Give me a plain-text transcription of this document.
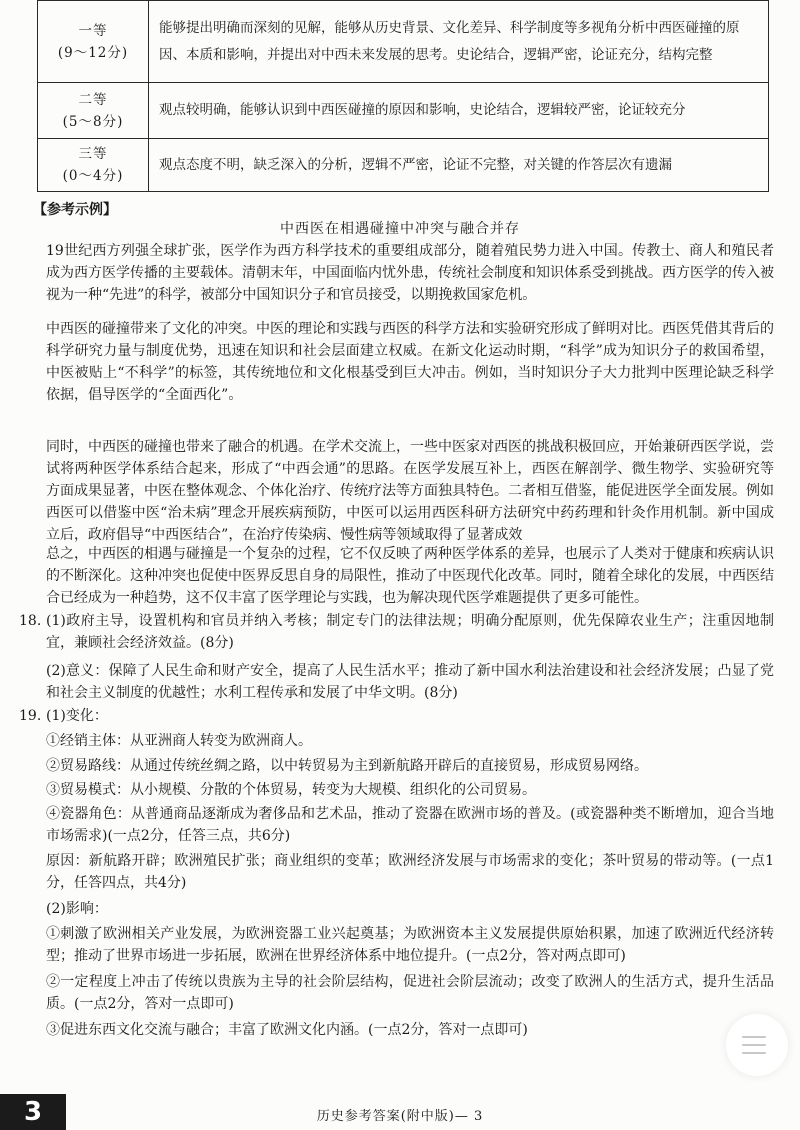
一等
(9～12分)	能够提出明确而深刻的见解，能够从历史背景、文化差异、科学制度等多视角分析中西医碰撞的原因、本质和影响，并提出对中西未来发展的思考。史论结合，逻辑严密，论证充分，结构完整

二等
(5～8分)	观点较明确，能够认识到中西医碰撞的原因和影响，史论结合，逻辑较严密，论证较充分

三等
(0～4分)	观点态度不明，缺乏深入的分析，逻辑不严密，论证不完整，对关键的作答层次有遗漏
【参考示例】
中西医在相遇碰撞中冲突与融合并存
19世纪西方列强全球扩张，医学作为西方科学技术的重要组成部分，随着殖民势力进入中国。传教士、商人和殖民者成为西方医学传播的主要载体。清朝末年，中国面临内忧外患，传统社会制度和知识体系受到挑战。西方医学的传入被视为一种“先进”的科学，被部分中国知识分子和官员接受，以期挽救国家危机。
中西医的碰撞带来了文化的冲突。中医的理论和实践与西医的科学方法和实验研究形成了鲜明对比。西医凭借其背后的科学研究力量与制度优势，迅速在知识和社会层面建立权威。在新文化运动时期，“科学”成为知识分子的救国希望，中医被贴上“不科学”的标签，其传统地位和文化根基受到巨大冲击。例如，当时知识分子大力批判中医理论缺乏科学依据，倡导医学的“全面西化”。
同时，中西医的碰撞也带来了融合的机遇。在学术交流上，一些中医家对西医的挑战积极回应，开始兼研西医学说，尝试将两种医学体系结合起来，形成了“中西会通”的思路。在医学发展互补上，西医在解剖学、微生物学、实验研究等方面成果显著，中医在整体观念、个体化治疗、传统疗法等方面独具特色。二者相互借鉴，能促进医学全面发展。例如西医可以借鉴中医“治未病”理念开展疾病预防，中医可以运用西医科研方法研究中药药理和针灸作用机制。新中国成立后，政府倡导“中西医结合”，在治疗传染病、慢性病等领域取得了显著成效
总之，中西医的相遇与碰撞是一个复杂的过程，它不仅反映了两种医学体系的差异，也展示了人类对于健康和疾病认识的不断深化。这种冲突也促使中医界反思自身的局限性，推动了中医现代化改革。同时，随着全球化的发展，中西医结合已经成为一种趋势，这不仅丰富了医学理论与实践，也为解决现代医学难题提供了更多可能性。
18. (1)政府主导，设置机构和官员并纳入考核；制定专门的法律法规；明确分配原则，优先保障农业生产；注重因地制宜，兼顾社会经济效益。(8分)
(2)意义：保障了人民生命和财产安全，提高了人民生活水平；推动了新中国水利法治建设和社会经济发展；凸显了党和社会主义制度的优越性；水利工程传承和发展了中华文明。(8分)
19. (1)变化：
①经销主体：从亚洲商人转变为欧洲商人。
②贸易路线：从通过传统丝绸之路，以中转贸易为主到新航路开辟后的直接贸易，形成贸易网络。
③贸易模式：从小规模、分散的个体贸易，转变为大规模、组织化的公司贸易。
④瓷器角色：从普通商品逐渐成为奢侈品和艺术品，推动了瓷器在欧洲市场的普及。(或瓷器种类不断增加，迎合当地市场需求)(一点2分，任答三点，共6分)
原因：新航路开辟；欧洲殖民扩张；商业组织的变革；欧洲经济发展与市场需求的变化；茶叶贸易的带动等。(一点1分，任答四点，共4分)
(2)影响：
①刺激了欧洲相关产业发展，为欧洲瓷器工业兴起奠基；为欧洲资本主义发展提供原始积累，加速了欧洲近代经济转型；推动了世界市场进一步拓展，欧洲在世界经济体系中地位提升。(一点2分，答对两点即可)
②一定程度上冲击了传统以贵族为主导的社会阶层结构，促进社会阶层流动；改变了欧洲人的生活方式，提升生活品质。(一点2分，答对一点即可)
③促进东西文化交流与融合；丰富了欧洲文化内涵。(一点2分，答对一点即可)
3	历史参考答案(附中版)— 3
